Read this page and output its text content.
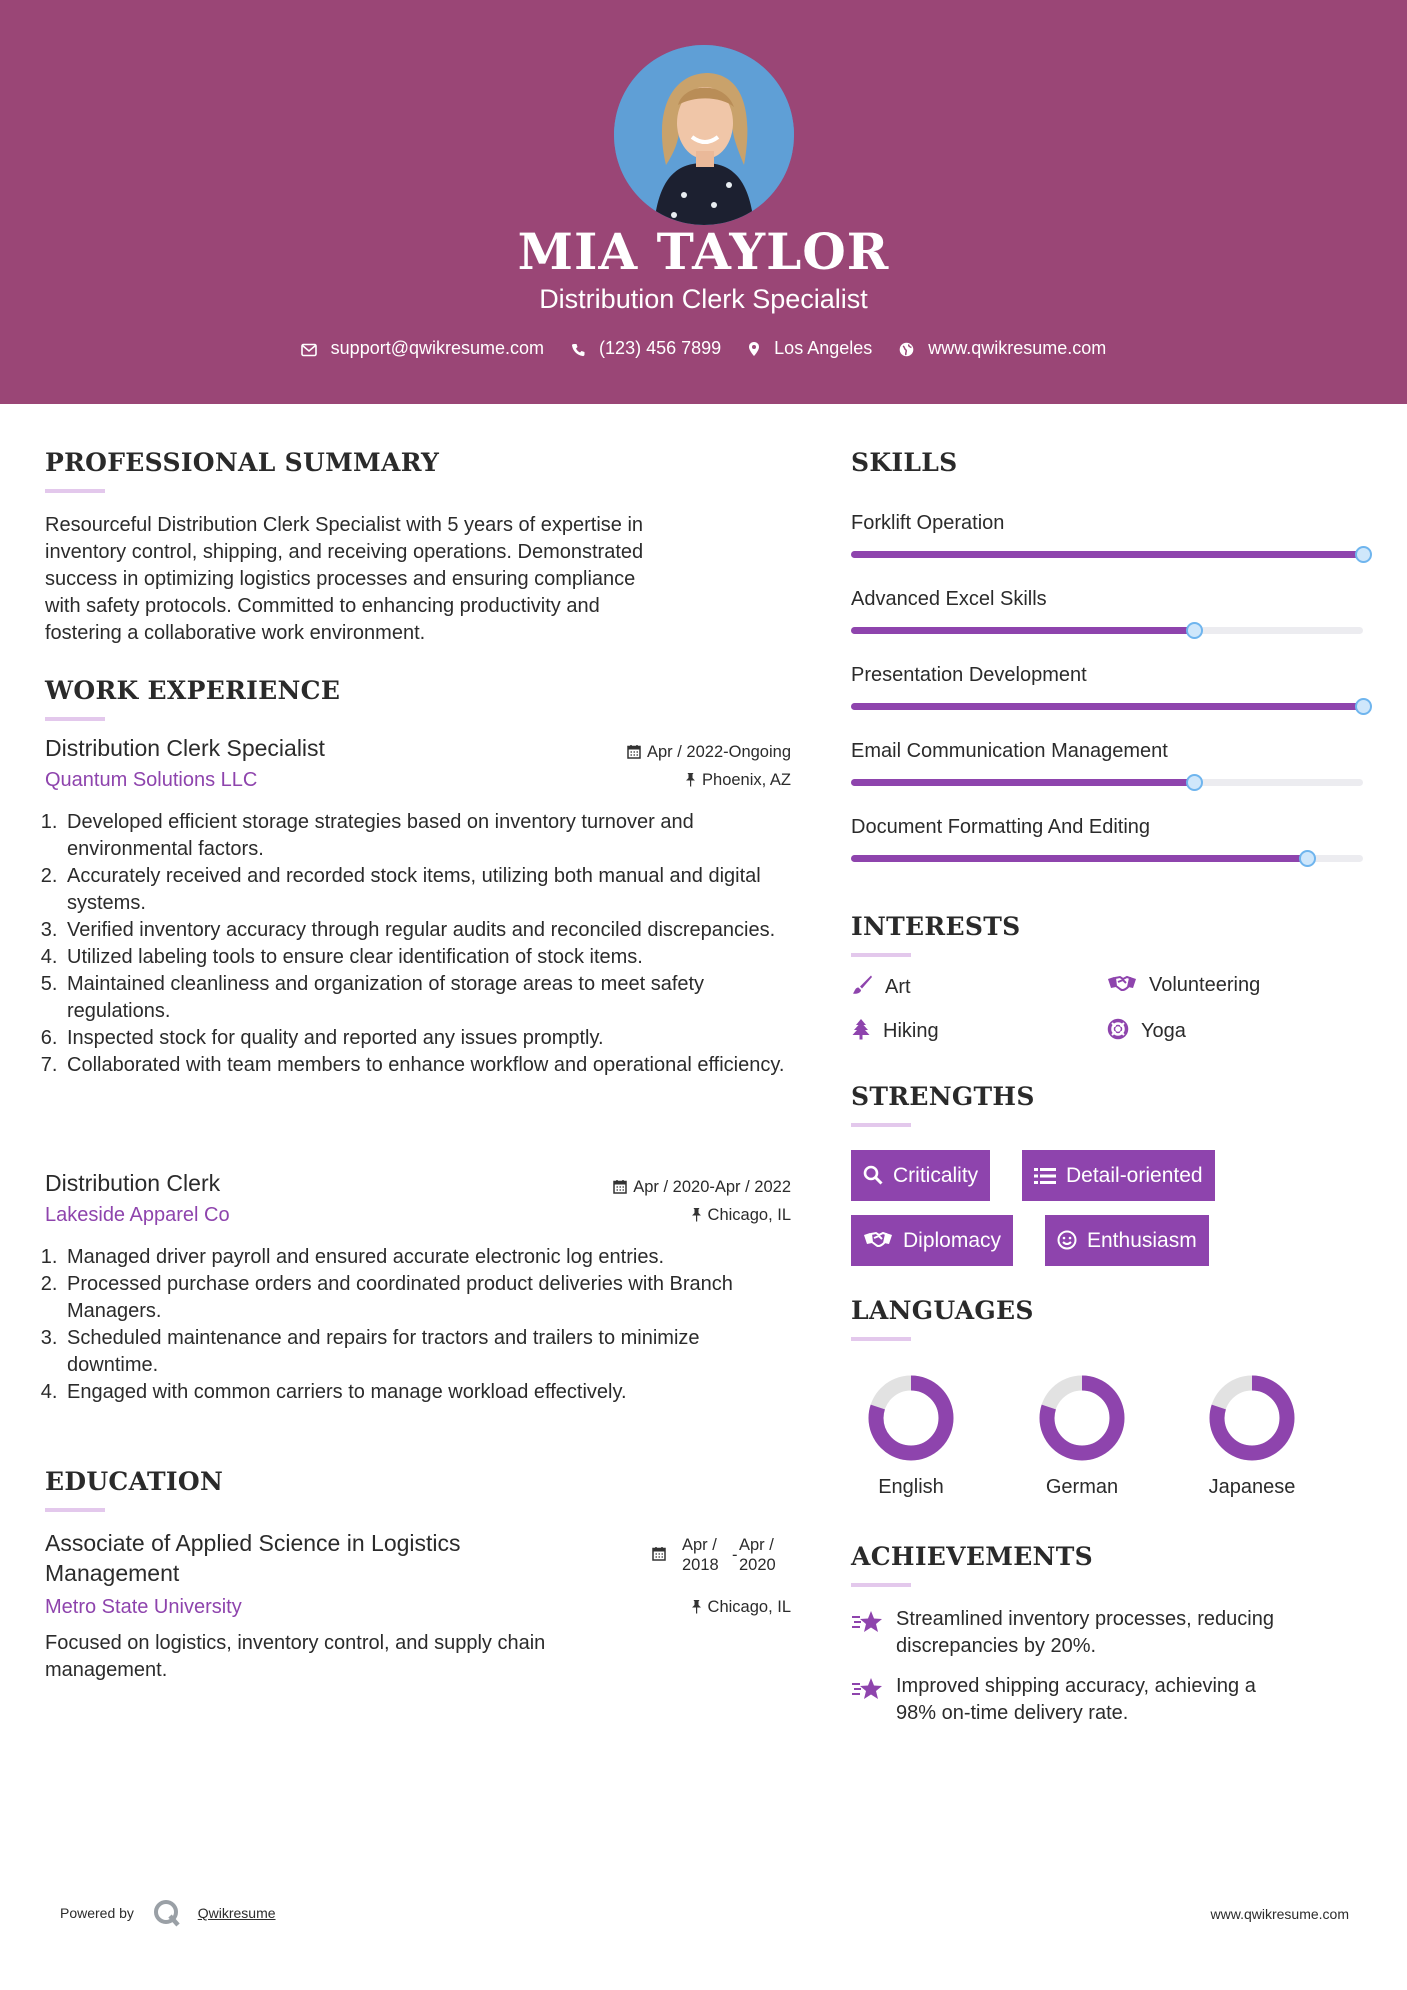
MIA TAYLOR
Distribution Clerk Specialist
support@qwikresume.com	(123) 456 7899	Los Angeles	www.qwikresume.com
PROFESSIONAL SUMMARY
Resourceful Distribution Clerk Specialist with 5 years of expertise in
inventory control, shipping, and receiving operations. Demonstrated
success in optimizing logistics processes and ensuring compliance
with safety protocols. Committed to enhancing productivity and
fostering a collaborative work environment.
WORK EXPERIENCE
Distribution Clerk Specialist	Apr / 2022-Ongoing
Quantum Solutions LLC	Phoenix, AZ
1. Developed efficient storage strategies based on inventory turnover and environmental factors.
2. Accurately received and recorded stock items, utilizing both manual and digital systems.
3. Verified inventory accuracy through regular audits and reconciled discrepancies.
4. Utilized labeling tools to ensure clear identification of stock items.
5. Maintained cleanliness and organization of storage areas to meet safety regulations.
6. Inspected stock for quality and reported any issues promptly.
7. Collaborated with team members to enhance workflow and operational efficiency.
Distribution Clerk	Apr / 2020-Apr / 2022
Lakeside Apparel Co	Chicago, IL
1. Managed driver payroll and ensured accurate electronic log entries.
2. Processed purchase orders and coordinated product deliveries with Branch Managers.
3. Scheduled maintenance and repairs for tractors and trailers to minimize downtime.
4. Engaged with common carriers to manage workload effectively.
EDUCATION
Associate of Applied Science in Logistics
Management
Apr /
2018
-
Apr /
2020
Metro State University	Chicago, IL
Focused on logistics, inventory control, and supply chain
management.
SKILLS
Forklift Operation
Advanced Excel Skills
Presentation Development
Email Communication Management
Document Formatting And Editing
INTERESTS
Art	Volunteering
Hiking	Yoga
STRENGTHS
Criticality	Detail-oriented
Diplomacy	Enthusiasm
LANGUAGES
English	German	Japanese
ACHIEVEMENTS
Streamlined inventory processes, reducing
discrepancies by 20%.
Improved shipping accuracy, achieving a
98% on-time delivery rate.
Powered by	Qwikresume	www.qwikresume.com
